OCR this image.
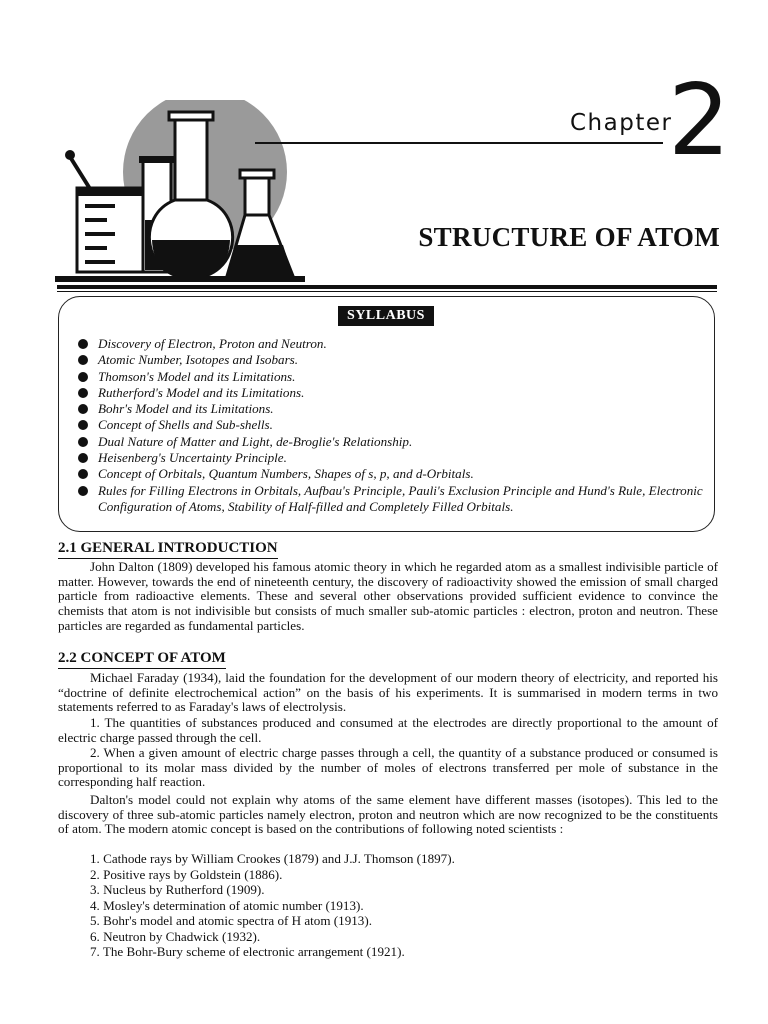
Chapter
2
STRUCTURE OF ATOM
SYLLABUS
Discovery of Electron, Proton and Neutron.
Atomic Number, Isotopes and Isobars.
Thomson's Model and its Limitations.
Rutherford's Model and its Limitations.
Bohr's Model and its Limitations.
Concept of Shells and Sub-shells.
Dual Nature of Matter and Light, de-Broglie's Relationship.
Heisenberg's Uncertainty Principle.
Concept of Orbitals, Quantum Numbers, Shapes of s, p, and d-Orbitals.
Rules for Filling Electrons in Orbitals, Aufbau's Principle, Pauli's Exclusion Principle and Hund's Rule, Electronic Configuration of Atoms, Stability of Half-filled and Completely Filled Orbitals.
2.1 GENERAL INTRODUCTION

John Dalton (1809) developed his famous atomic theory in which he regarded atom as a smallest indivisible particle of matter. However, towards the end of nineteenth century, the discovery of radioactivity showed the emission of small charged particle from radioactive elements. These and several other observations provided sufficient evidence to convince the chemists that atom is not indivisible but consists of much smaller sub-atomic particles : electron, proton and neutron. These particles are regarded as fundamental particles.

2.2 CONCEPT OF ATOM

Michael Faraday (1934), laid the foundation for the development of our modern theory of electricity, and reported his “doctrine of definite electrochemical action” on the basis of his experiments. It is summarised in modern terms in two statements referred to as Faraday's laws of electrolysis.

1. The quantities of substances produced and consumed at the electrodes are directly proportional to the amount of electric charge passed through the cell.

2. When a given amount of electric charge passes through a cell, the quantity of a substance produced or consumed is proportional to its molar mass divided by the number of moles of electrons transferred per mole of substance in the corresponding half reaction.

Dalton's model could not explain why atoms of the same element have different masses (isotopes). This led to the discovery of three sub-atomic particles namely electron, proton and neutron which are now recognized to be the constituents of atom. The modern atomic concept is based on the contributions of following noted scientists :

1. Cathode rays by William Crookes (1879) and J.J. Thomson (1897).
2. Positive rays by Goldstein (1886).
3. Nucleus by Rutherford (1909).
4. Mosley's determination of atomic number (1913).
5. Bohr's model and atomic spectra of H atom (1913).
6. Neutron by Chadwick (1932).
7. The Bohr-Bury scheme of electronic arrangement (1921).
